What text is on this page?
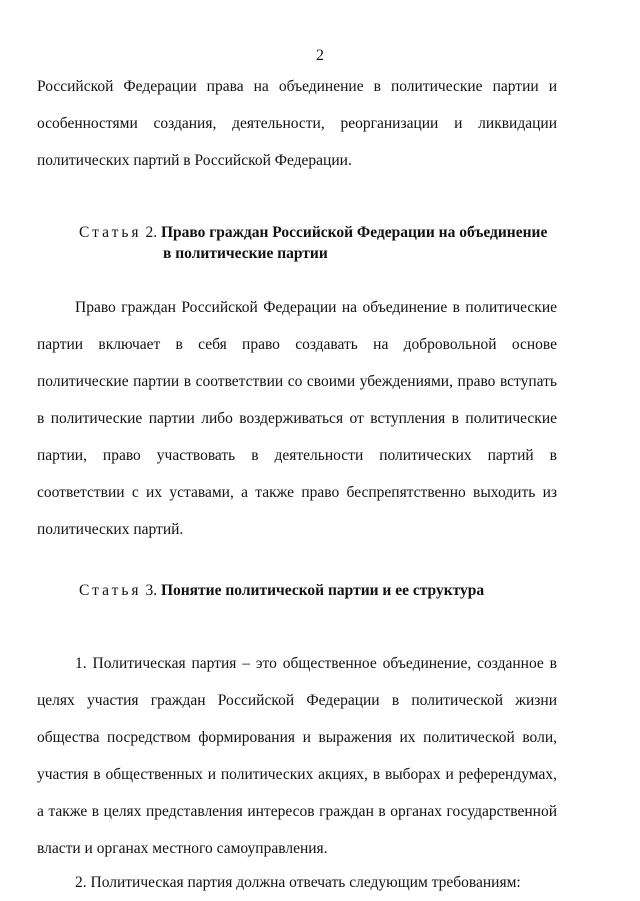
2
Российской Федерации права на объединение в политические партии и
особенностями создания, деятельности, реорганизации и ликвидации
политических партий в Российской Федерации.
Статья 2. Право граждан Российской Федерации на объединение
в политические партии
Право граждан Российской Федерации на объединение в политические
партии включает в себя право создавать на добровольной основе
политические партии в соответствии со своими убеждениями, право вступать
в политические партии либо воздерживаться от вступления в политические
партии, право участвовать в деятельности политических партий в
соответствии с их уставами, а также право беспрепятственно выходить из
политических партий.
Статья 3. Понятие политической партии и ее структура
1. Политическая партия – это общественное объединение, созданное в
целях участия граждан Российской Федерации в политической жизни
общества посредством формирования и выражения их политической воли,
участия в общественных и политических акциях, в выборах и референдумах,
а также в целях представления интересов граждан в органах государственной
власти и органах местного самоуправления.
2. Политическая партия должна отвечать следующим требованиям:
